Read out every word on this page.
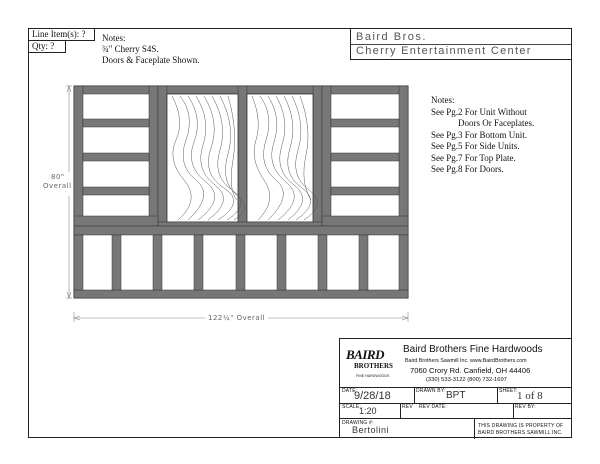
Line Item(s): ?
Qty: ?
Notes:
¾" Cherry S4S.
Doors & Faceplate Shown.
Baird Bros.
Cherry Entertainment Center
80"
Overall
122¼" Overall
Notes:
See Pg.2 For Unit Without
Doors Or Faceplates.
See Pg.3 For Bottom Unit.
See Pg.5 For Side Units.
See Pg.7 For Top Plate.
See Pg.8 For Doors.
BAIRD
BROTHERS
FINE HARDWOODS
Baird Brothers Fine Hardwoods
Baird Brothers Sawmill Inc. www.BairdBrothers.com
7060 Crory Rd. Canfield, OH 44406
(330) 533-3122 (800) 732-1697
DATE:
9/28/18	DRAWN BY: BPT	SHEET: 1 of 8
SCALE:
1:20	REV REV DATE:	REV BY:
DRAWING #:
Bertolini	THIS DRAWING IS PROPERTY OF
BAIRD BROTHERS SAWMILL INC.
